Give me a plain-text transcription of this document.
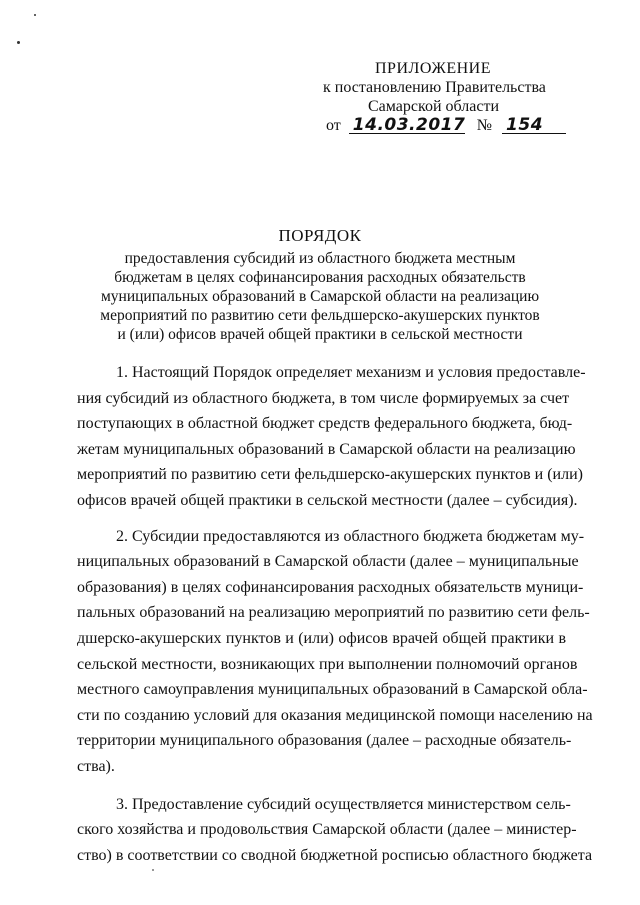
ПРИЛОЖЕНИЕ
к постановлению Правительства
Самарской области
от 14.03.2017 № 154
ПОРЯДОК
предоставления субсидий из областного бюджета местным
бюджетам в целях софинансирования расходных обязательств
муниципальных образований в Самарской области на реализацию
мероприятий по развитию сети фельдшерско-акушерских пунктов
и (или) офисов врачей общей практики в сельской местности
1. Настоящий Порядок определяет механизм и условия предоставле-
ния субсидий из областного бюджета, в том числе формируемых за счет
поступающих в областной бюджет средств федерального бюджета, бюд-
жетам муниципальных образований в Самарской области на реализацию
мероприятий по развитию сети фельдшерско-акушерских пунктов и (или)
офисов врачей общей практики в сельской местности (далее – субсидия).
2. Субсидии предоставляются из областного бюджета бюджетам му-
ниципальных образований в Самарской области (далее – муниципальные
образования) в целях софинансирования расходных обязательств муници-
пальных образований на реализацию мероприятий по развитию сети фель-
дшерско-акушерских пунктов и (или) офисов врачей общей практики в
сельской местности, возникающих при выполнении полномочий органов
местного самоуправления муниципальных образований в Самарской обла-
сти по созданию условий для оказания медицинской помощи населению на
территории муниципального образования (далее – расходные обязатель-
ства).
3. Предоставление субсидий осуществляется министерством сель-
ского хозяйства и продовольствия Самарской области (далее – министер-
ство) в соответствии со сводной бюджетной росписью областного бюджета
